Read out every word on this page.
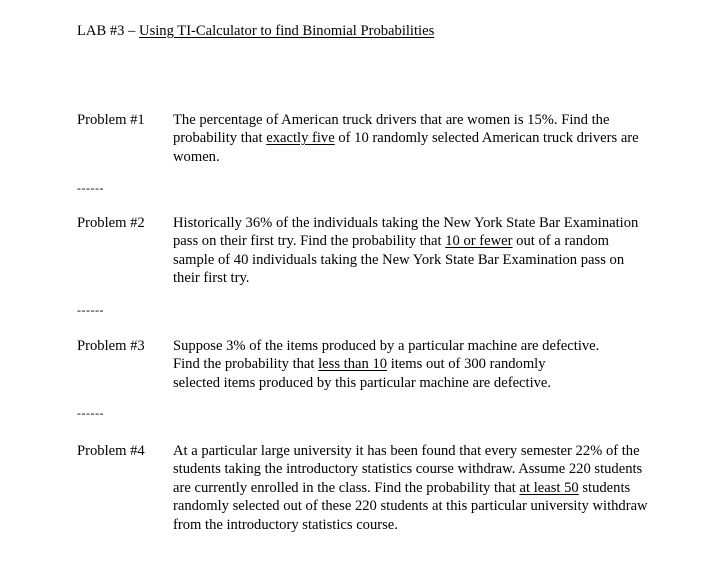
LAB #3 – Using TI-Calculator to find Binomial Probabilities
Problem #1 The percentage of American truck drivers that are women is 15%. Find the
probability that exactly five of 10 randomly selected American truck drivers are
women.
------
Problem #2 Historically 36% of the individuals taking the New York State Bar Examination
pass on their first try. Find the probability that 10 or fewer out of a random
sample of 40 individuals taking the New York State Bar Examination pass on
their first try.
------
Problem #3 Suppose 3% of the items produced by a particular machine are defective.
Find the probability that less than 10 items out of 300 randomly
selected items produced by this particular machine are defective.
------
Problem #4 At a particular large university it has been found that every semester 22% of the
students taking the introductory statistics course withdraw. Assume 220 students
are currently enrolled in the class. Find the probability that at least 50 students
randomly selected out of these 220 students at this particular university withdraw
from the introductory statistics course.
